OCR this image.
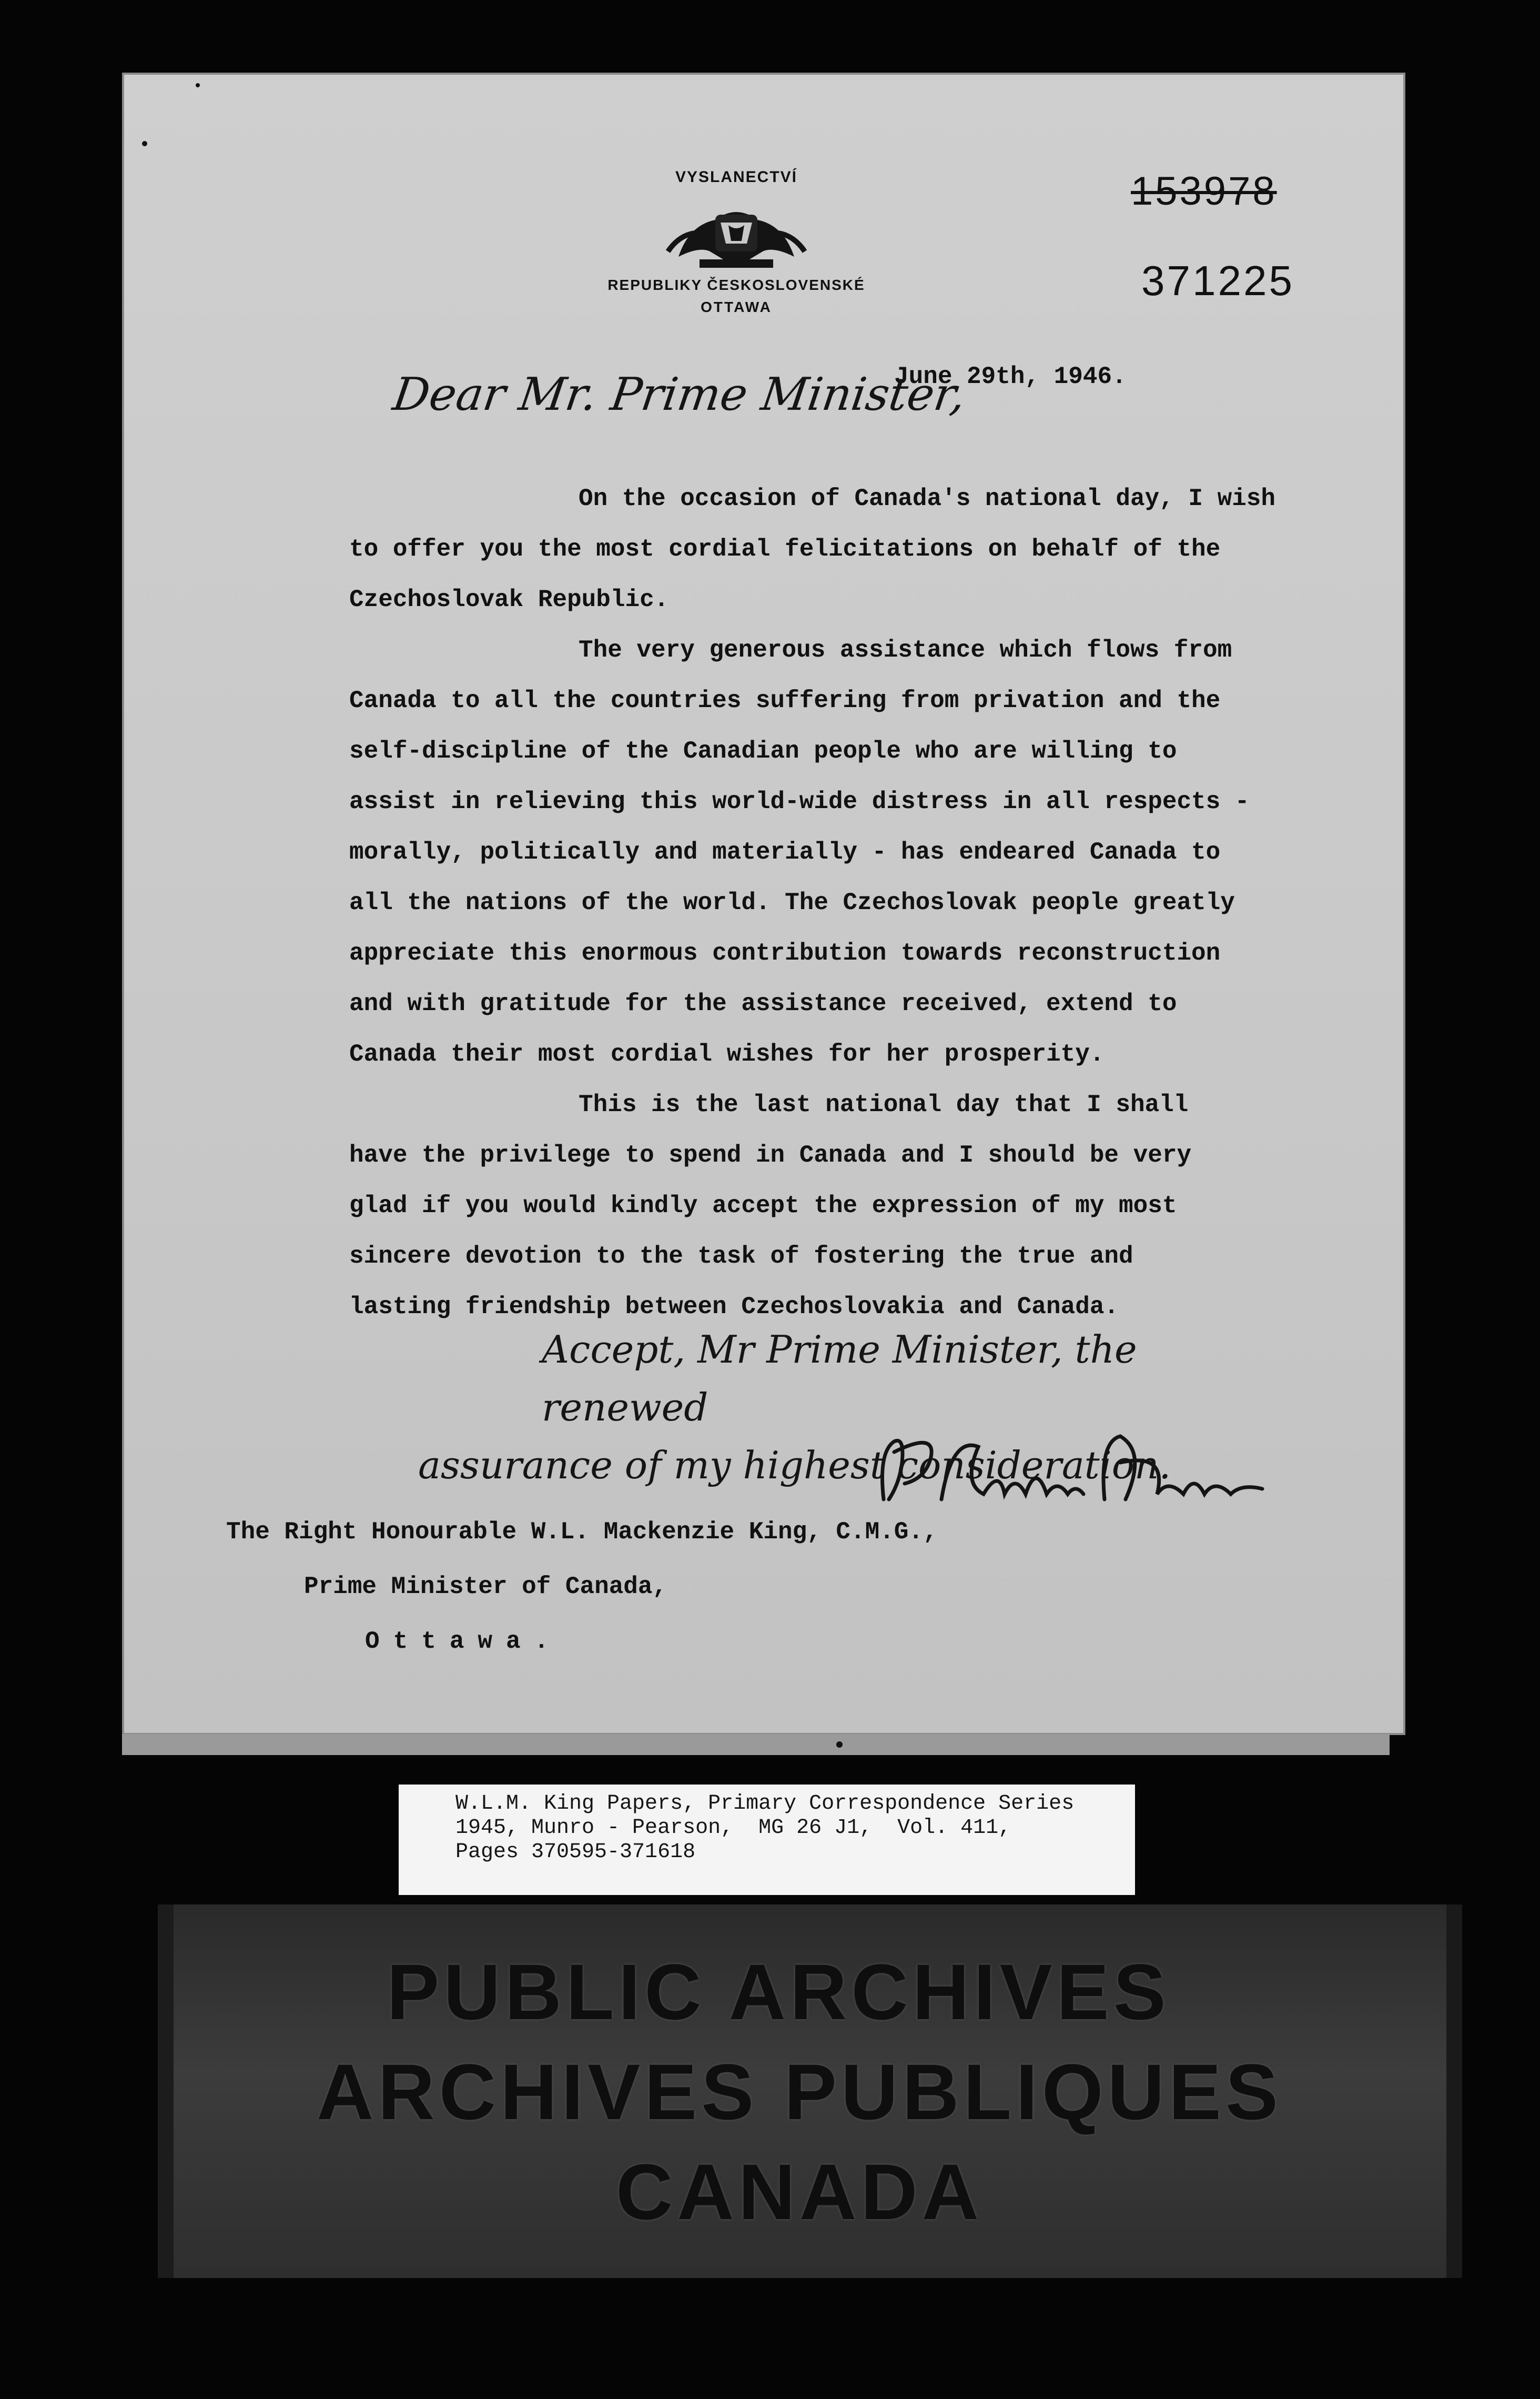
VYSLANECTVÍ
REPUBLIKY ČESKOSLOVENSKÉ
OTTAWA
153978
371225
June 29th, 1946.
Dear Mr. Prime Minister,
On the occasion of Canada's national day, I wish
to offer you the most cordial felicitations on behalf of the
Czechoslovak Republic.
The very generous assistance which flows from
Canada to all the countries suffering from privation and the
self-discipline of the Canadian people who are willing to
assist in relieving this world-wide distress in all respects -
morally, politically and materially - has endeared Canada to
all the nations of the world. The Czechoslovak people greatly
appreciate this enormous contribution towards reconstruction
and with gratitude for the assistance received, extend to
Canada their most cordial wishes for her prosperity.
This is the last national day that I shall
have the privilege to spend in Canada and I should be very
glad if you would kindly accept the expression of my most
sincere devotion to the task of fostering the true and
lasting friendship between Czechoslovakia and Canada.
Accept, Mr Prime Minister, the renewed
assurance of my highest consideration.
The Right Honourable W.L. Mackenzie King, C.M.G.,
Prime Minister of Canada,
Ottawa.
W.L.M. King Papers, Primary Correspondence Series
1945, Munro - Pearson,  MG 26 J1,  Vol. 411,
Pages 370595-371618
PUBLIC ARCHIVES
ARCHIVES PUBLIQUES
CANADA
